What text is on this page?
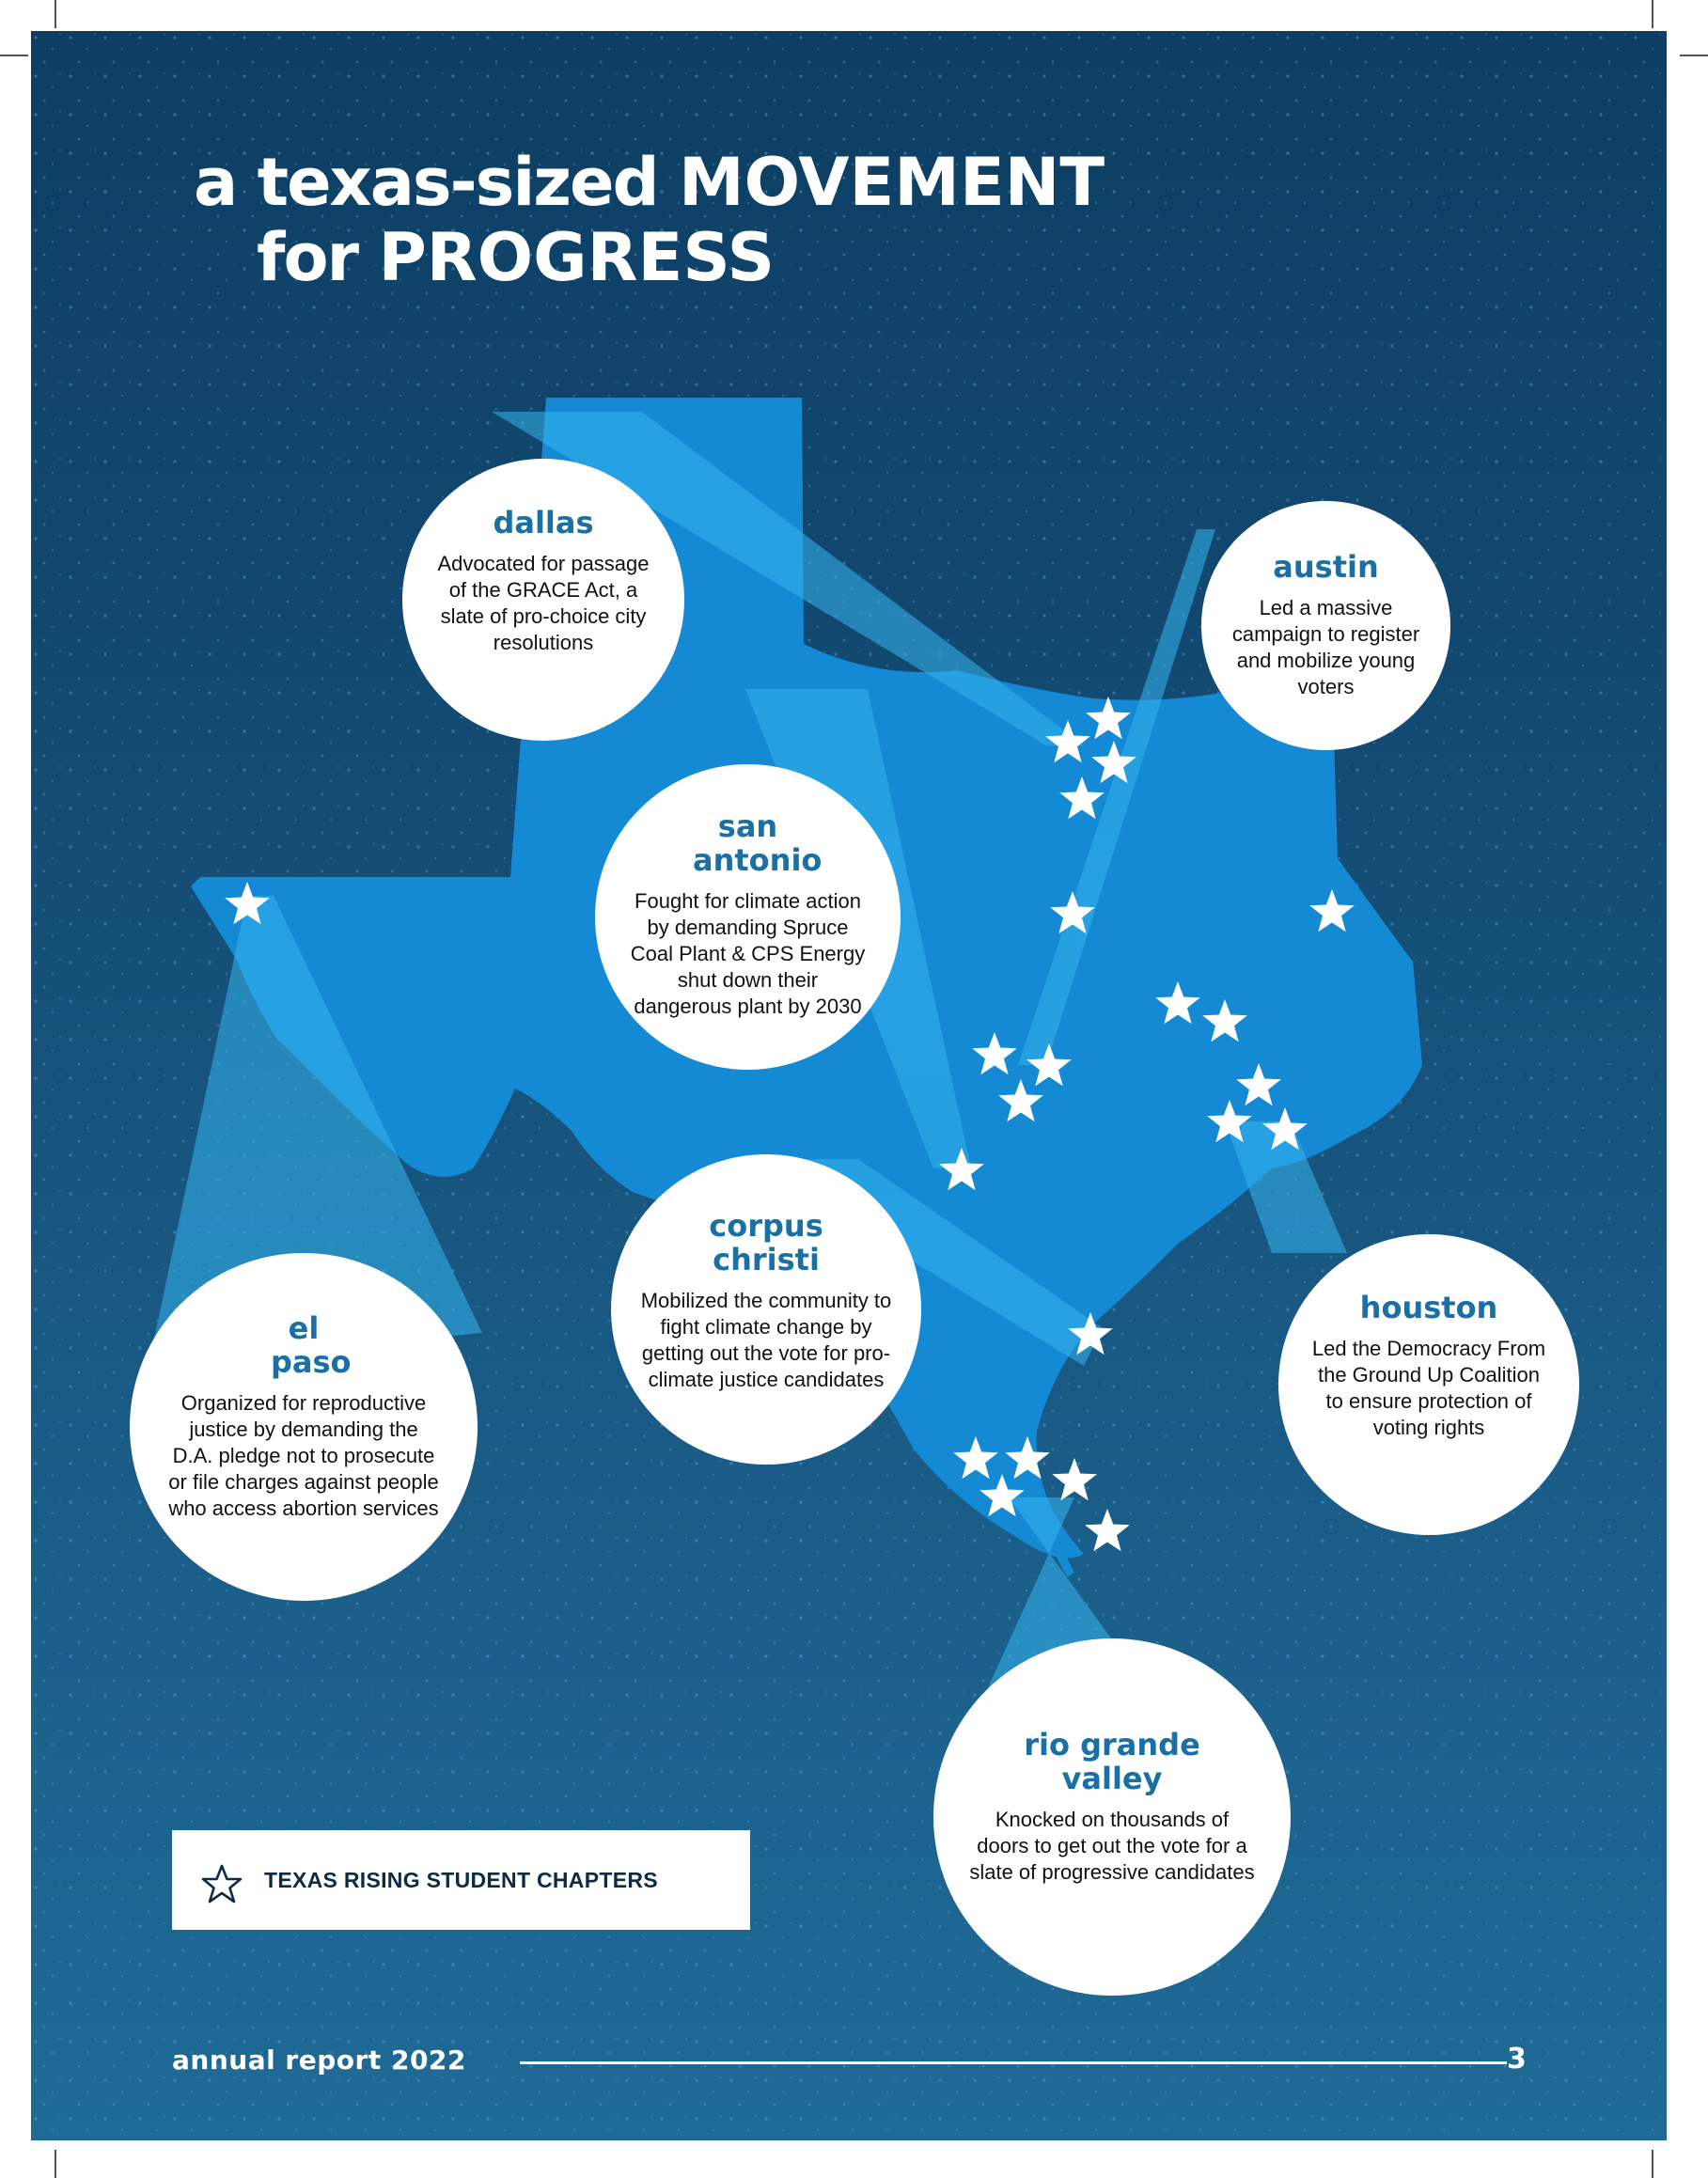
a texas-sized MOVEMENT
for PROGRESS
dallas
Advocated for passage of the GRACE Act, a slate of pro-choice city resolutions
austin
Led a massive campaign to register and mobilize young voters
san antonio
Fought for climate action by demanding Spruce Coal Plant & CPS Energy shut down their dangerous plant by 2030
el paso
Organized for reproductive justice by demanding the D.A. pledge not to prosecute or file charges against people who access abortion services
corpus christi
Mobilized the community to fight climate change by getting out the vote for pro-climate justice candidates
houston
Led the Democracy From the Ground Up Coalition to ensure protection of voting rights
rio grande valley
Knocked on thousands of doors to get out the vote for a slate of progressive candidates
TEXAS RISING STUDENT CHAPTERS
annual report 2022	3
